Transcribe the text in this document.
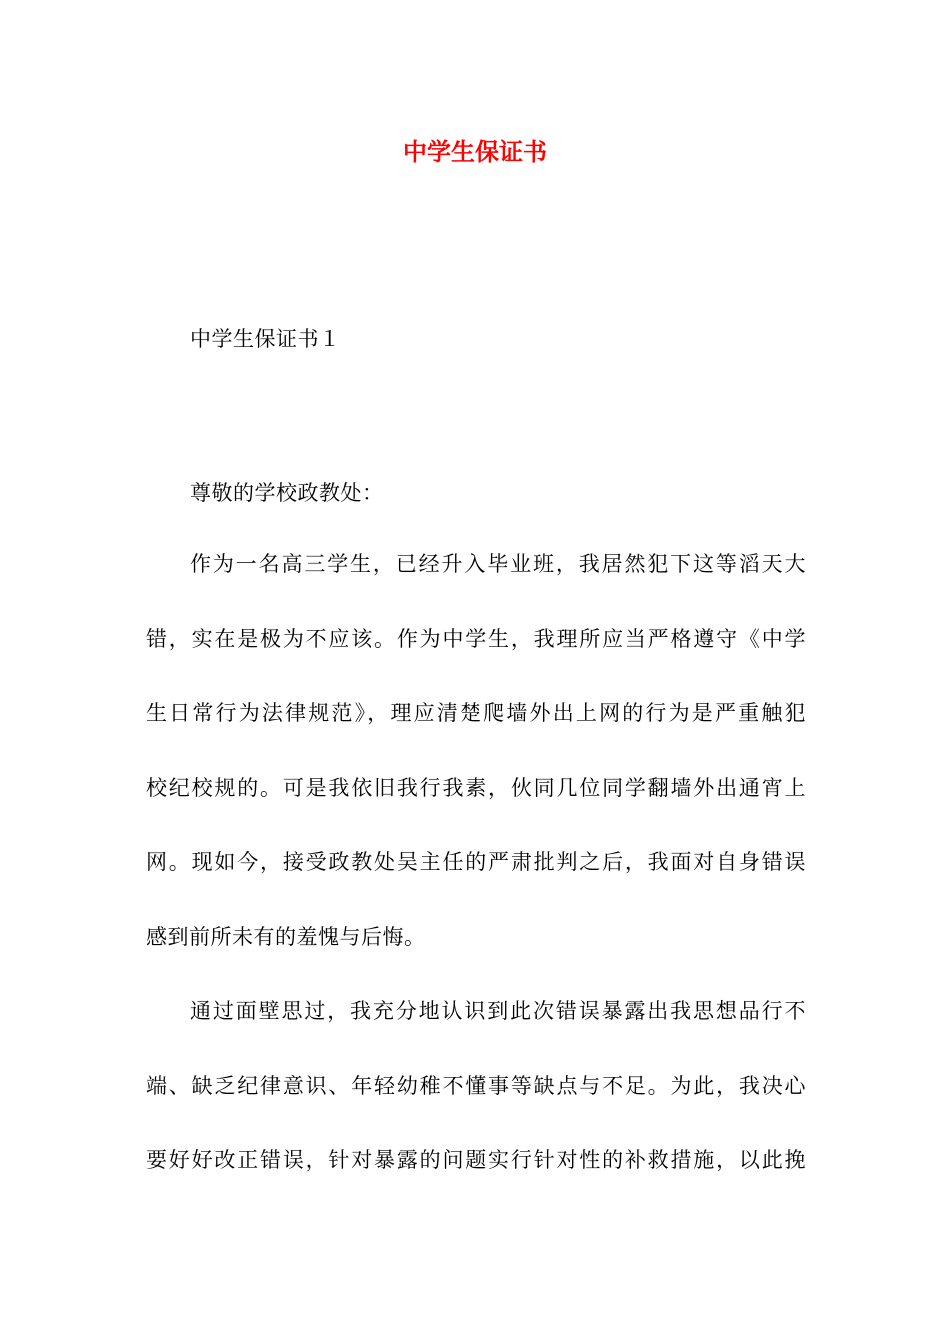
中学生保证书
中学生保证书１
尊敬的学校政教处：
作为一名高三学生，已经升入毕业班，我居然犯下这等滔天大
错，实在是极为不应该。作为中学生，我理所应当严格遵守《中学
生日常行为法律规范》，理应清楚爬墙外出上网的行为是严重触犯
校纪校规的。可是我依旧我行我素，伙同几位同学翻墙外出通宵上
网。现如今，接受政教处吴主任的严肃批判之后，我面对自身错误
感到前所未有的羞愧与后悔。
通过面壁思过，我充分地认识到此次错误暴露出我思想品行不
端、缺乏纪律意识、年轻幼稚不懂事等缺点与不足。为此，我决心
要好好改正错误，针对暴露的问题实行针对性的补救措施，以此挽
